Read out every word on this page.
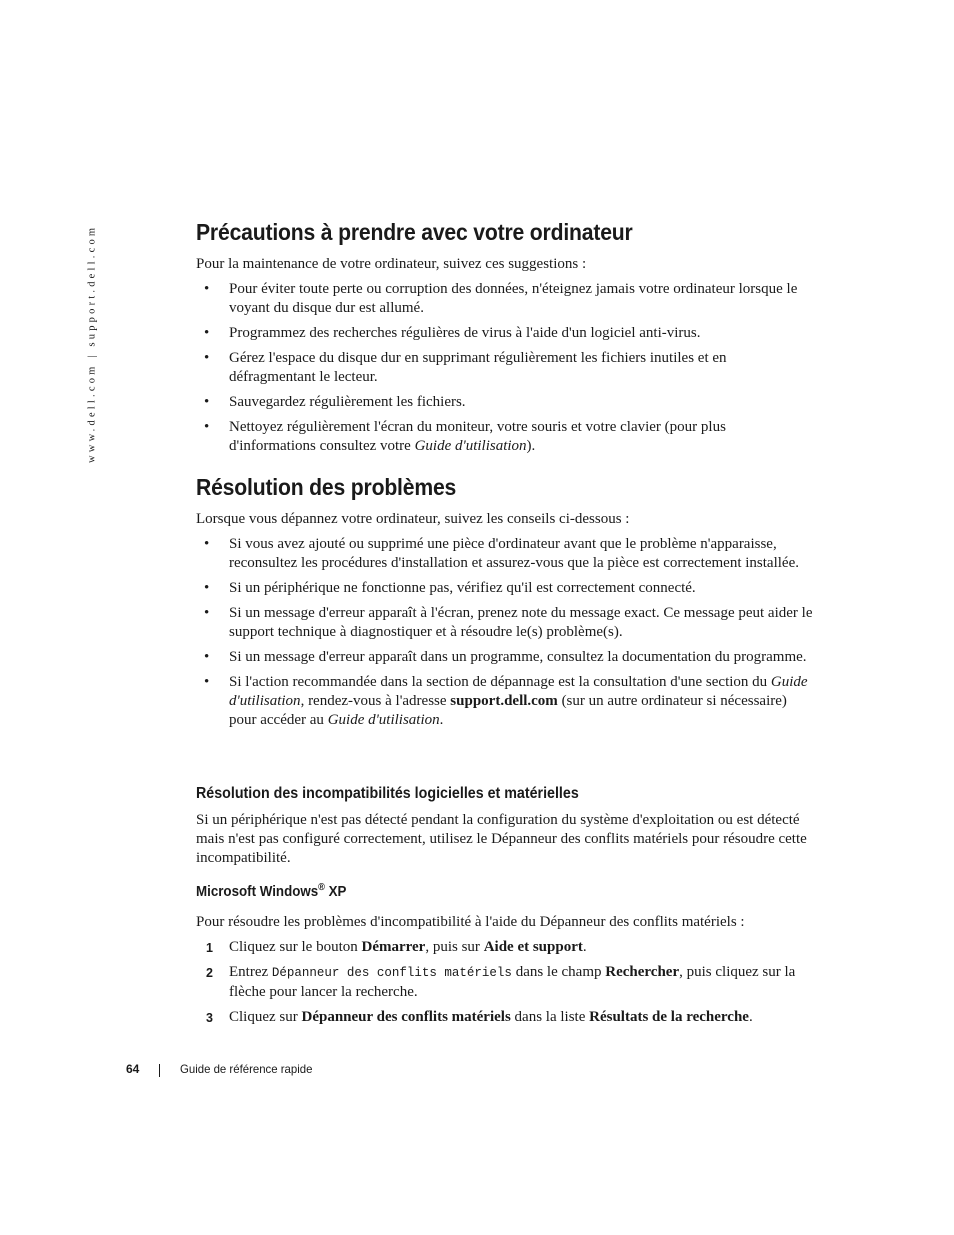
www.dell.com | support.dell.com	Précautions à prendre avec votre ordinateur

Pour la maintenance de votre ordinateur, suivez ces suggestions :

• Pour éviter toute perte ou corruption des données, n'éteignez jamais votre ordinateur lorsque le voyant du disque dur est allumé.
• Programmez des recherches régulières de virus à l'aide d'un logiciel anti-virus.
• Gérez l'espace du disque dur en supprimant régulièrement les fichiers inutiles et en défragmentant le lecteur.
• Sauvegardez régulièrement les fichiers.
• Nettoyez régulièrement l'écran du moniteur, votre souris et votre clavier (pour plus d'informations consultez votre Guide d'utilisation).
Résolution des problèmes

Lorsque vous dépannez votre ordinateur, suivez les conseils ci-dessous :

• Si vous avez ajouté ou supprimé une pièce d'ordinateur avant que le problème n'apparaisse, reconsultez les procédures d'installation et assurez-vous que la pièce est correctement installée.
• Si un périphérique ne fonctionne pas, vérifiez qu'il est correctement connecté.
• Si un message d'erreur apparaît à l'écran, prenez note du message exact. Ce message peut aider le support technique à diagnostiquer et à résoudre le(s) problème(s).
• Si un message d'erreur apparaît dans un programme, consultez la documentation du programme.
• Si l'action recommandée dans la section de dépannage est la consultation d'une section du Guide d'utilisation, rendez-vous à l'adresse support.dell.com (sur un autre ordinateur si nécessaire) pour accéder au Guide d'utilisation.
Résolution des incompatibilités logicielles et matérielles

Si un périphérique n'est pas détecté pendant la configuration du système d'exploitation ou est détecté mais n'est pas configuré correctement, utilisez le Dépanneur des conflits matériels pour résoudre cette incompatibilité.

Microsoft Windows® XP

Pour résoudre les problèmes d'incompatibilité à l'aide du Dépanneur des conflits matériels :

1 Cliquez sur le bouton Démarrer, puis sur Aide et support.
2 Entrez Dépanneur des conflits matériels dans le champ Rechercher, puis cliquez sur la flèche pour lancer la recherche.
3 Cliquez sur Dépanneur des conflits matériels dans la liste Résultats de la recherche.
64	Guide de référence rapide
